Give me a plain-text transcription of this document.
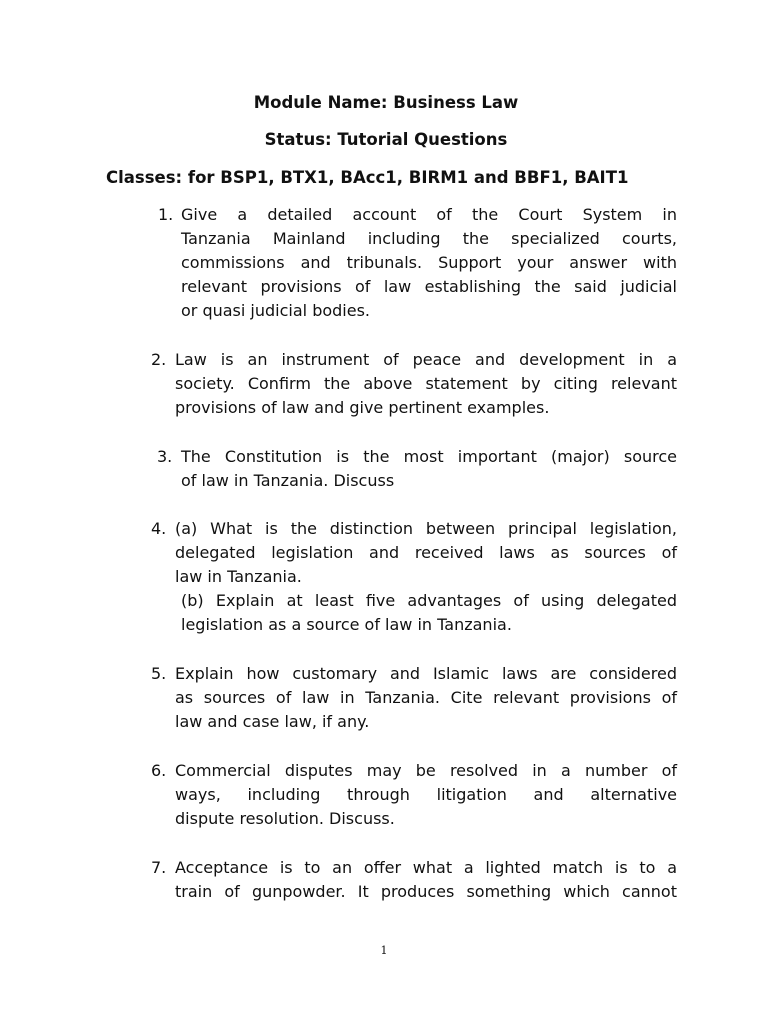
Module Name: Business Law
Status: Tutorial Questions
Classes: for BSP1, BTX1, BAcc1, BIRM1 and BBF1, BAIT1
1. Give a detailed account of the Court System in
Tanzania Mainland including the specialized courts,
commissions and tribunals. Support your answer with
relevant provisions of law establishing the said judicial
or quasi judicial bodies.
2. Law is an instrument of peace and development in a
society. Confirm the above statement by citing relevant
provisions of law and give pertinent examples.
3. The Constitution is the most important (major) source
of law in Tanzania. Discuss
4. (a) What is the distinction between principal legislation,
delegated legislation and received laws as sources of
law in Tanzania.
(b) Explain at least five advantages of using delegated
legislation as a source of law in Tanzania.
5. Explain how customary and Islamic laws are considered
as sources of law in Tanzania. Cite relevant provisions of
law and case law, if any.
6. Commercial disputes may be resolved in a number of
ways, including through litigation and alternative
dispute resolution. Discuss.
7. Acceptance is to an offer what a lighted match is to a
train of gunpowder. It produces something which cannot
1
